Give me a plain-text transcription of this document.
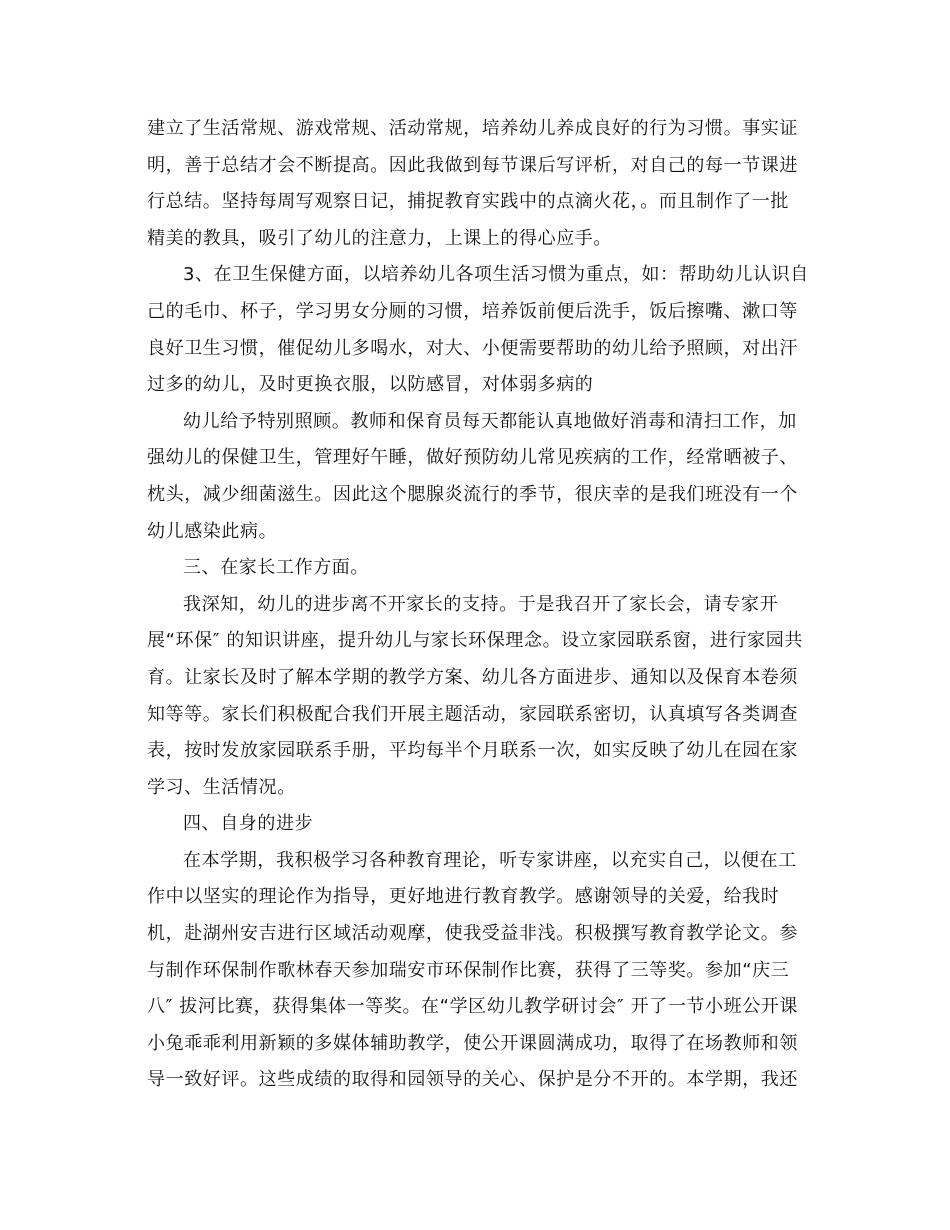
建立了生活常规、游戏常规、活动常规，培养幼儿养成良好的行为习惯。事实证
明，善于总结才会不断提高。因此我做到每节课后写评析，对自己的每一节课进
行总结。坚持每周写观察日记，捕捉教育实践中的点滴火花，。而且制作了一批
精美的教具，吸引了幼儿的注意力，上课上的得心应手。
3、在卫生保健方面，以培养幼儿各项生活习惯为重点，如：帮助幼儿认识自
己的毛巾、杯子，学习男女分厕的习惯，培养饭前便后洗手，饭后擦嘴、漱口等
良好卫生习惯，催促幼儿多喝水，对大、小便需要帮助的幼儿给予照顾，对出汗
过多的幼儿，及时更换衣服，以防感冒，对体弱多病的
幼儿给予特别照顾。教师和保育员每天都能认真地做好消毒和清扫工作，加
强幼儿的保健卫生，管理好午睡，做好预防幼儿常见疾病的工作，经常晒被子、
枕头，减少细菌滋生。因此这个腮腺炎流行的季节，很庆幸的是我们班没有一个
幼儿感染此病。
三、在家长工作方面。
我深知，幼儿的进步离不开家长的支持。于是我召开了家长会，请专家开
展“环保″ 的知识讲座，提升幼儿与家长环保理念。设立家园联系窗，进行家园共
育。让家长及时了解本学期的教学方案、幼儿各方面进步、通知以及保育本卷须
知等等。家长们积极配合我们开展主题活动，家园联系密切，认真填写各类调查
表，按时发放家园联系手册，平均每半个月联系一次，如实反映了幼儿在园在家
学习、生活情况。
四、自身的进步
在本学期，我积极学习各种教育理论，听专家讲座，以充实自己，以便在工
作中以坚实的理论作为指导，更好地进行教育教学。感谢领导的关爱，给我时
机，赴湖州安吉进行区域活动观摩，使我受益非浅。积极撰写教育教学论文。参
与制作环保制作歌林春天参加瑞安市环保制作比赛，获得了三等奖。参加“庆三
八″ 拔河比赛，获得集体一等奖。在“学区幼儿教学研讨会″ 开了一节小班公开课
小兔乖乖利用新颖的多媒体辅助教学，使公开课圆满成功，取得了在场教师和领
导一致好评。这些成绩的取得和园领导的关心、保护是分不开的。本学期，我还
